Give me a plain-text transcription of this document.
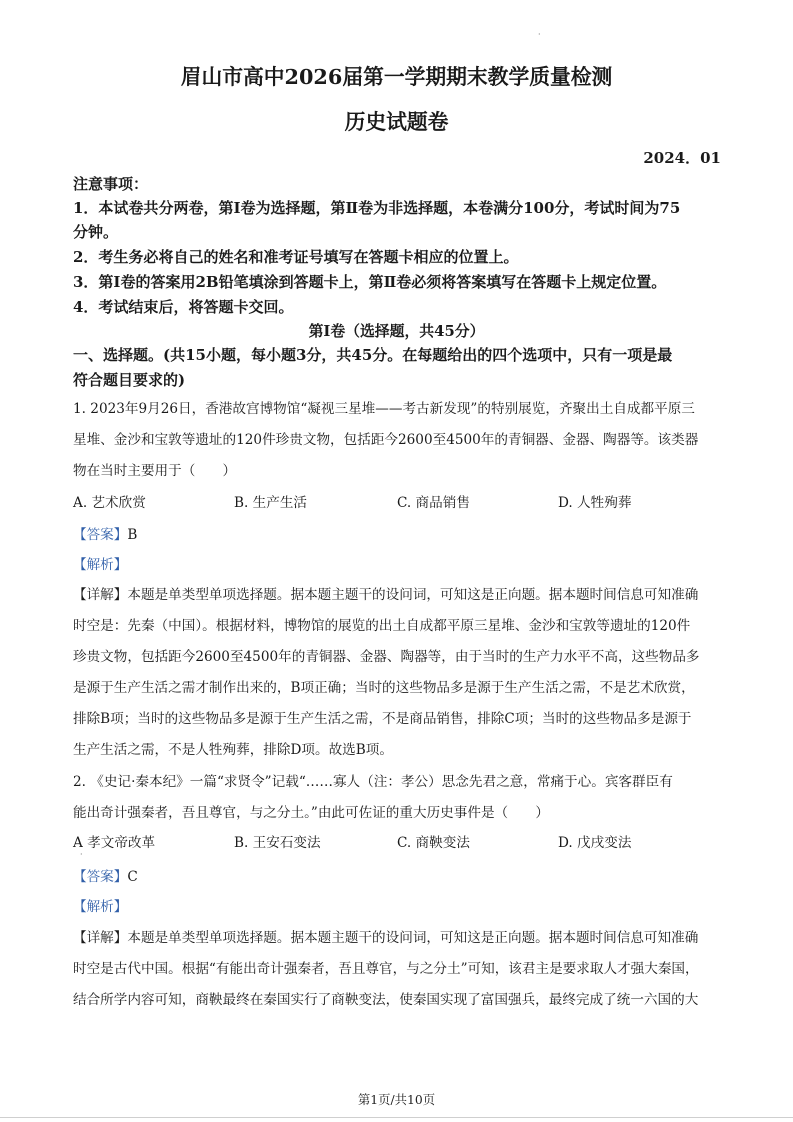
·
眉山市高中2026届第一学期期末教学质量检测
历史试题卷
2024．01
注意事项：
1．本试卷共分两卷，第Ⅰ卷为选择题，第Ⅱ卷为非选择题，本卷满分100分，考试时间为75
分钟。
2．考生务必将自己的姓名和准考证号填写在答题卡相应的位置上。
3．第Ⅰ卷的答案用2B铅笔填涂到答题卡上，第Ⅱ卷必须将答案填写在答题卡上规定位置。
4．考试结束后，将答题卡交回。
第Ⅰ卷（选择题，共45分）
一、选择题。(共15小题，每小题3分，共45分。在每题给出的四个选项中，只有一项是最
符合题目要求的)
1. 2023年9月26日，香港故宫博物馆“凝视三星堆——考古新发现”的特别展览，齐聚出土自成都平原三
星堆、金沙和宝敦等遗址的120件珍贵文物，包括距今2600至4500年的青铜器、金器、陶器等。该类器
物在当时主要用于（　　）
A. 艺术欣赏	B. 生产生活	C. 商品销售	D. 人牲殉葬
【答案】B
【解析】
【详解】本题是单类型单项选择题。据本题主题干的设问词，可知这是正向题。据本题时间信息可知准确
时空是：先秦（中国）。根据材料，博物馆的展览的出土自成都平原三星堆、金沙和宝敦等遗址的120件
珍贵文物，包括距今2600至4500年的青铜器、金器、陶器等，由于当时的生产力水平不高，这些物品多
是源于生产生活之需才制作出来的，B项正确；当时的这些物品多是源于生产生活之需，不是艺术欣赏，
排除B项；当时的这些物品多是源于生产生活之需，不是商品销售，排除C项；当时的这些物品多是源于
生产生活之需，不是人牲殉葬，排除D项。故选B项。
2. 《史记·秦本纪》一篇“求贤令”记载“……寡人（注：孝公）思念先君之意，常痛于心。宾客群臣有
能出奇计强秦者，吾且尊官，与之分土。”由此可佐证的重大历史事件是（　　）
A 孝文帝改革	B. 王安石变法	C. 商鞅变法	D. 戊戌变法
·
【答案】C
【解析】
【详解】本题是单类型单项选择题。据本题主题干的设问词，可知这是正向题。据本题时间信息可知准确
时空是古代中国。根据“有能出奇计强秦者，吾且尊官，与之分土”可知，该君主是要求取人才强大秦国，
结合所学内容可知，商鞅最终在秦国实行了商鞅变法，使秦国实现了富国强兵，最终完成了统一六国的大
第1页/共10页
